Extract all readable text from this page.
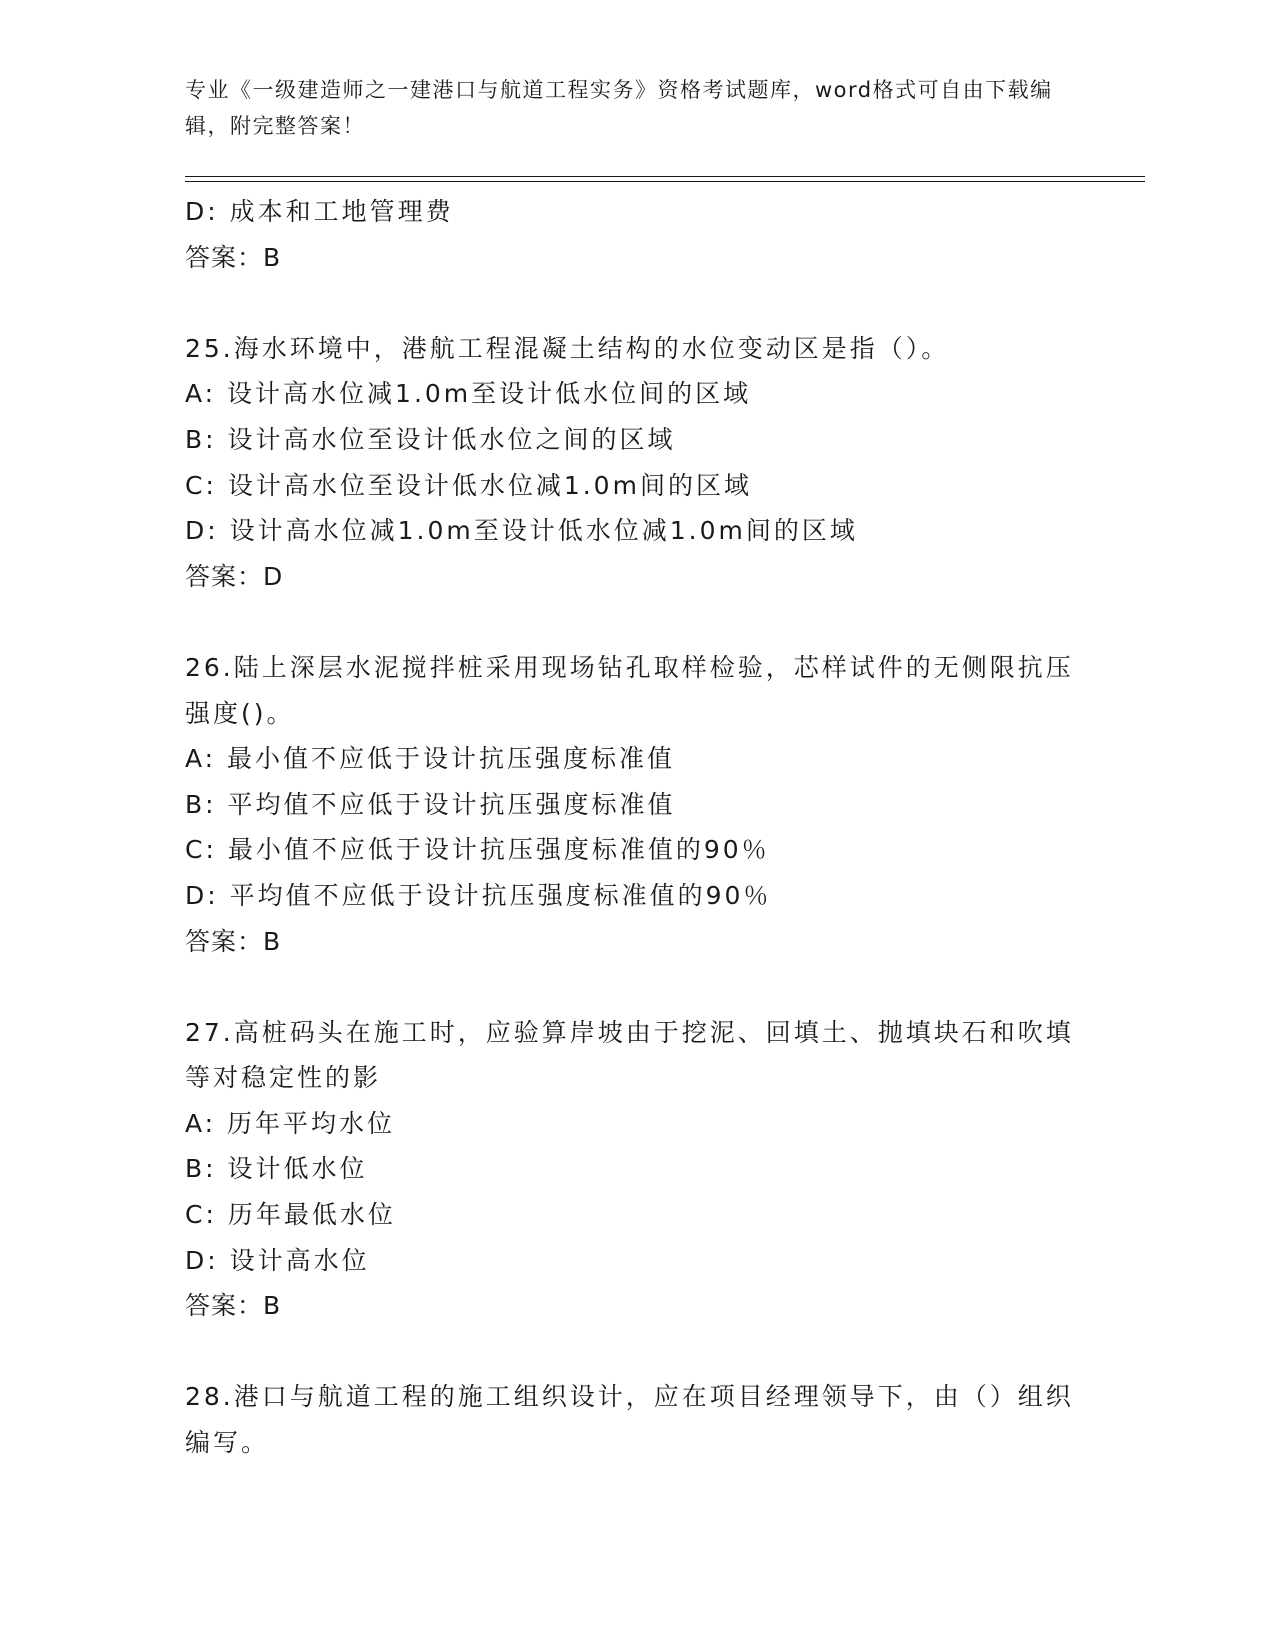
专业《一级建造师之一建港口与航道工程实务》资格考试题库，word格式可自由下载编辑，附完整答案！
D: 成本和工地管理费
答案：B
25.海水环境中，港航工程混凝土结构的水位变动区是指（）。
A: 设计高水位减1.0m至设计低水位间的区域
B: 设计高水位至设计低水位之间的区域
C: 设计高水位至设计低水位减1.0m间的区域
D: 设计高水位减1.0m至设计低水位减1.0m间的区域
答案：D
26.陆上深层水泥搅拌桩采用现场钻孔取样检验，芯样试件的无侧限抗压强度()。
A: 最小值不应低于设计抗压强度标准值
B: 平均值不应低于设计抗压强度标准值
C: 最小值不应低于设计抗压强度标准值的90％
D: 平均值不应低于设计抗压强度标准值的90％
答案：B
27.高桩码头在施工时，应验算岸坡由于挖泥、回填土、抛填块石和吹填等对稳定性的影
A: 历年平均水位
B: 设计低水位
C: 历年最低水位
D: 设计高水位
答案：B
28.港口与航道工程的施工组织设计，应在项目经理领导下，由（）组织编写。
